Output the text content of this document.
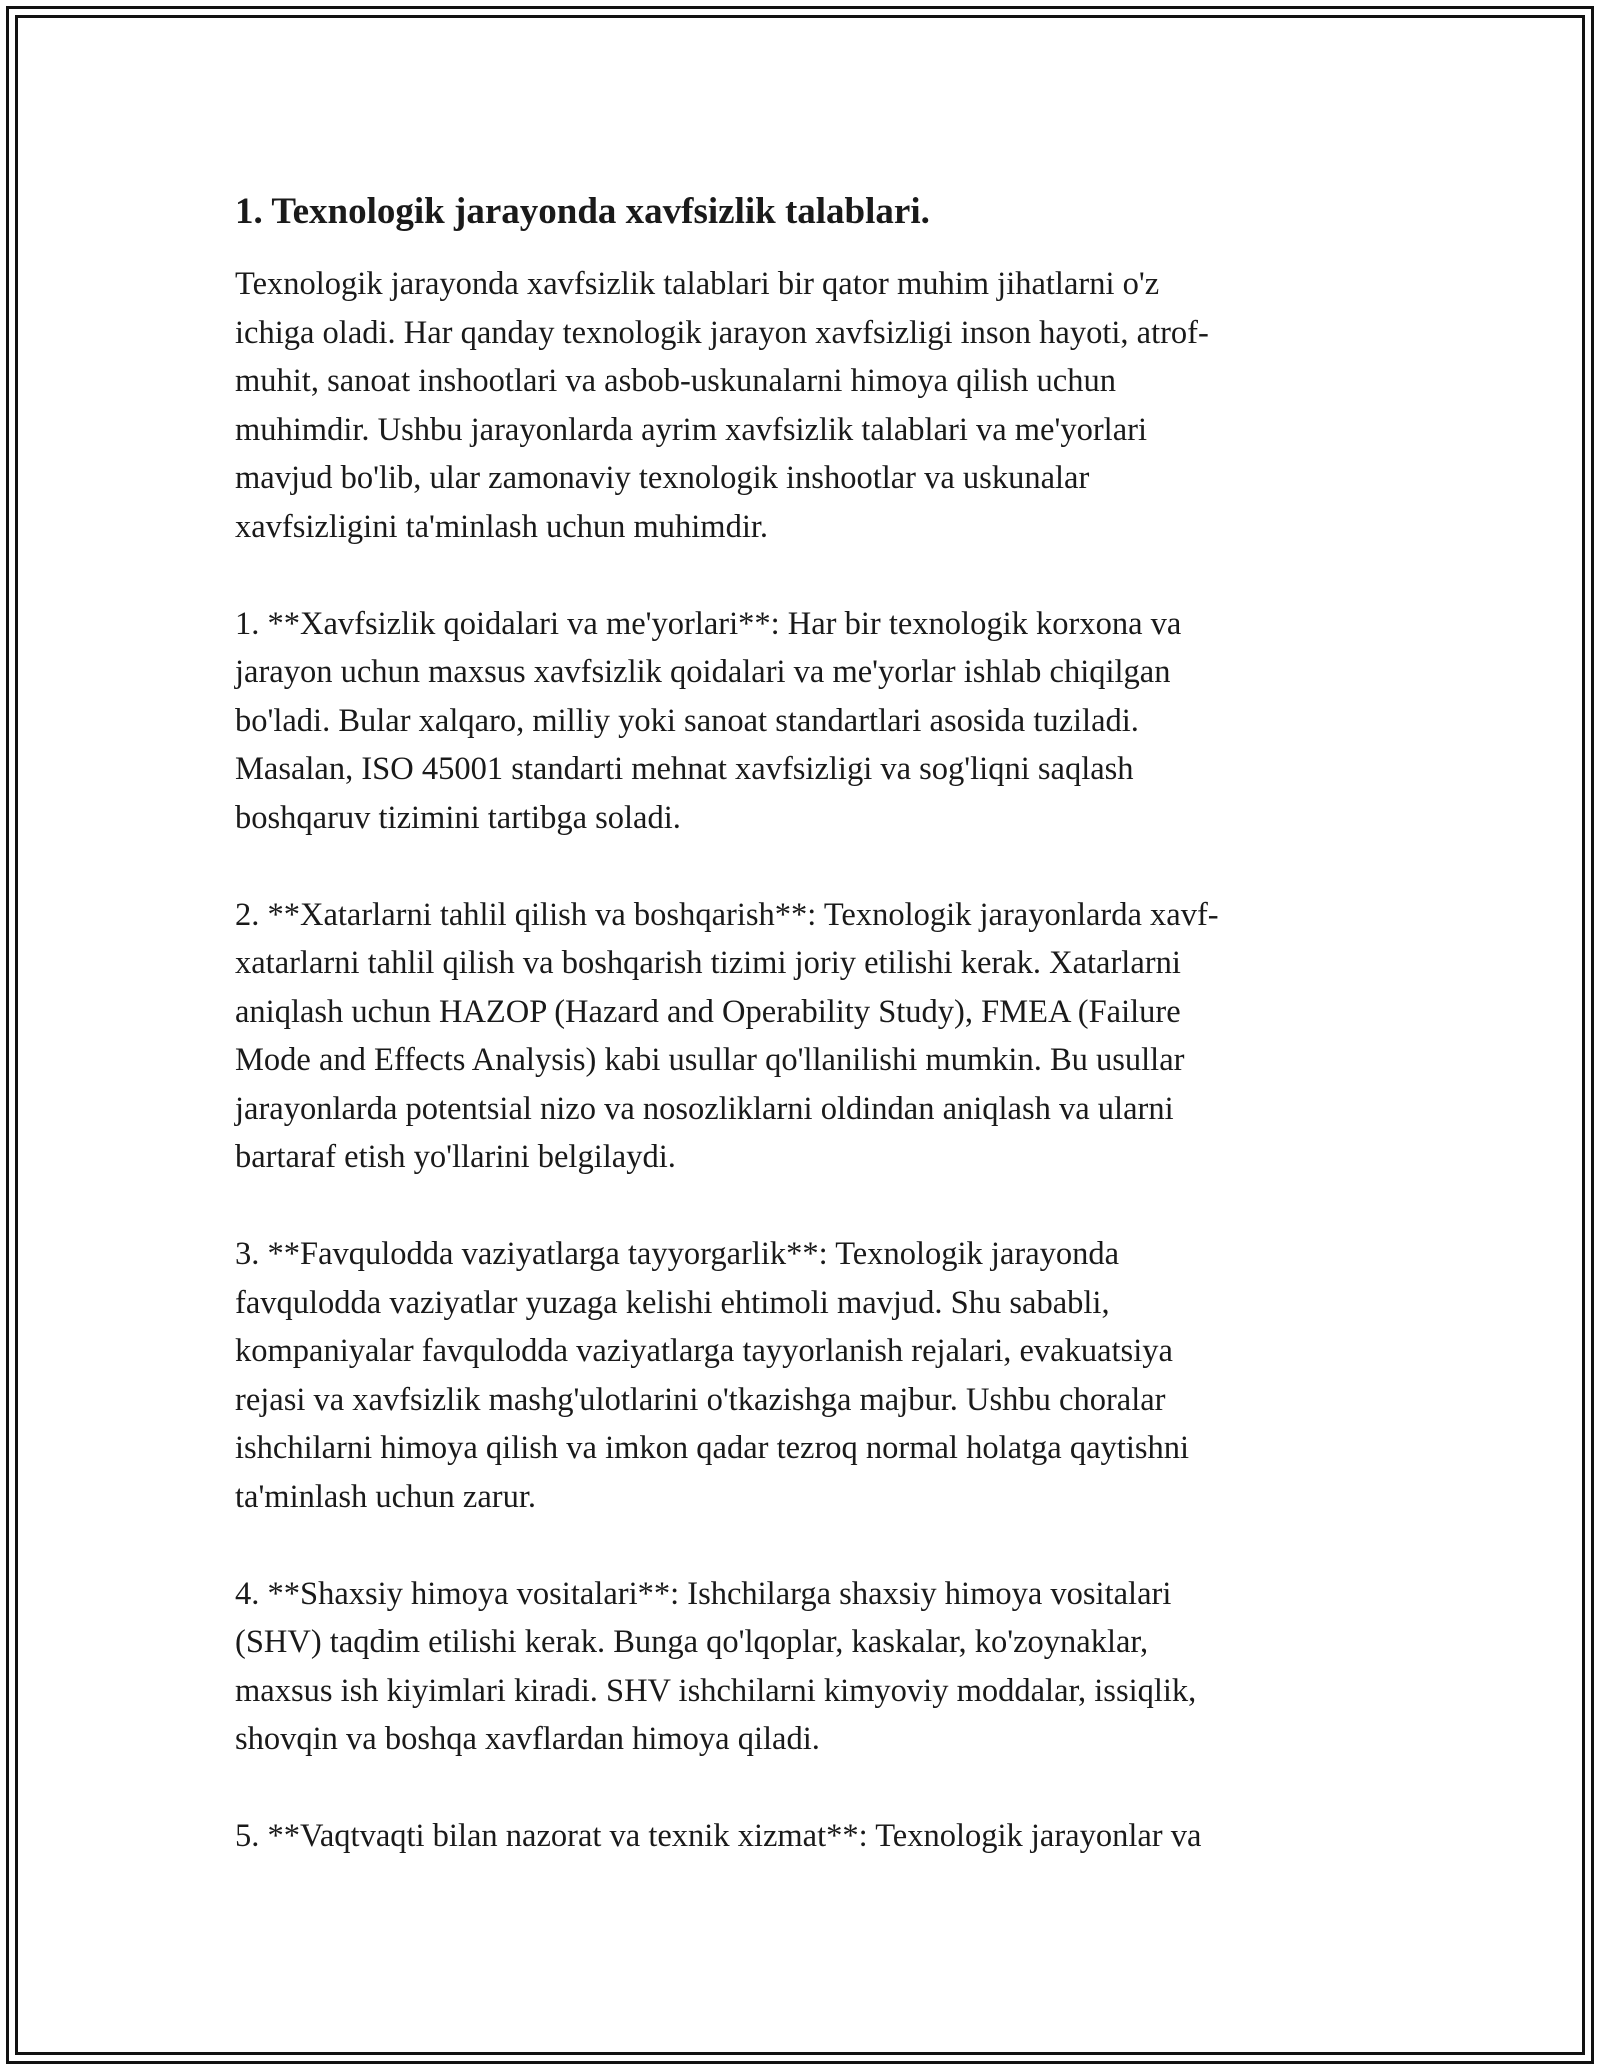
1. Texnologik jarayonda xavfsizlik talablari.

Texnologik jarayonda xavfsizlik talablari bir qator muhim jihatlarni o'z
ichiga oladi. Har qanday texnologik jarayon xavfsizligi inson hayoti, atrof-
muhit, sanoat inshootlari va asbob-uskunalarni himoya qilish uchun
muhimdir. Ushbu jarayonlarda ayrim xavfsizlik talablari va me'yorlari
mavjud bo'lib, ular zamonaviy texnologik inshootlar va uskunalar
xavfsizligini ta'minlash uchun muhimdir.

1. **Xavfsizlik qoidalari va me'yorlari**: Har bir texnologik korxona va
jarayon uchun maxsus xavfsizlik qoidalari va me'yorlar ishlab chiqilgan
bo'ladi. Bular xalqaro, milliy yoki sanoat standartlari asosida tuziladi.
Masalan, ISO 45001 standarti mehnat xavfsizligi va sog'liqni saqlash
boshqaruv tizimini tartibga soladi.

2. **Xatarlarni tahlil qilish va boshqarish**: Texnologik jarayonlarda xavf-
xatarlarni tahlil qilish va boshqarish tizimi joriy etilishi kerak. Xatarlarni
aniqlash uchun HAZOP (Hazard and Operability Study), FMEA (Failure
Mode and Effects Analysis) kabi usullar qo'llanilishi mumkin. Bu usullar
jarayonlarda potentsial nizo va nosozliklarni oldindan aniqlash va ularni
bartaraf etish yo'llarini belgilaydi.

3. **Favqulodda vaziyatlarga tayyorgarlik**: Texnologik jarayonda
favqulodda vaziyatlar yuzaga kelishi ehtimoli mavjud. Shu sababli,
kompaniyalar favqulodda vaziyatlarga tayyorlanish rejalari, evakuatsiya
rejasi va xavfsizlik mashg'ulotlarini o'tkazishga majbur. Ushbu choralar
ishchilarni himoya qilish va imkon qadar tezroq normal holatga qaytishni
ta'minlash uchun zarur.

4. **Shaxsiy himoya vositalari**: Ishchilarga shaxsiy himoya vositalari
(SHV) taqdim etilishi kerak. Bunga qo'lqoplar, kaskalar, ko'zoynaklar,
maxsus ish kiyimlari kiradi. SHV ishchilarni kimyoviy moddalar, issiqlik,
shovqin va boshqa xavflardan himoya qiladi.

5. **Vaqtvaqti bilan nazorat va texnik xizmat**: Texnologik jarayonlar va
